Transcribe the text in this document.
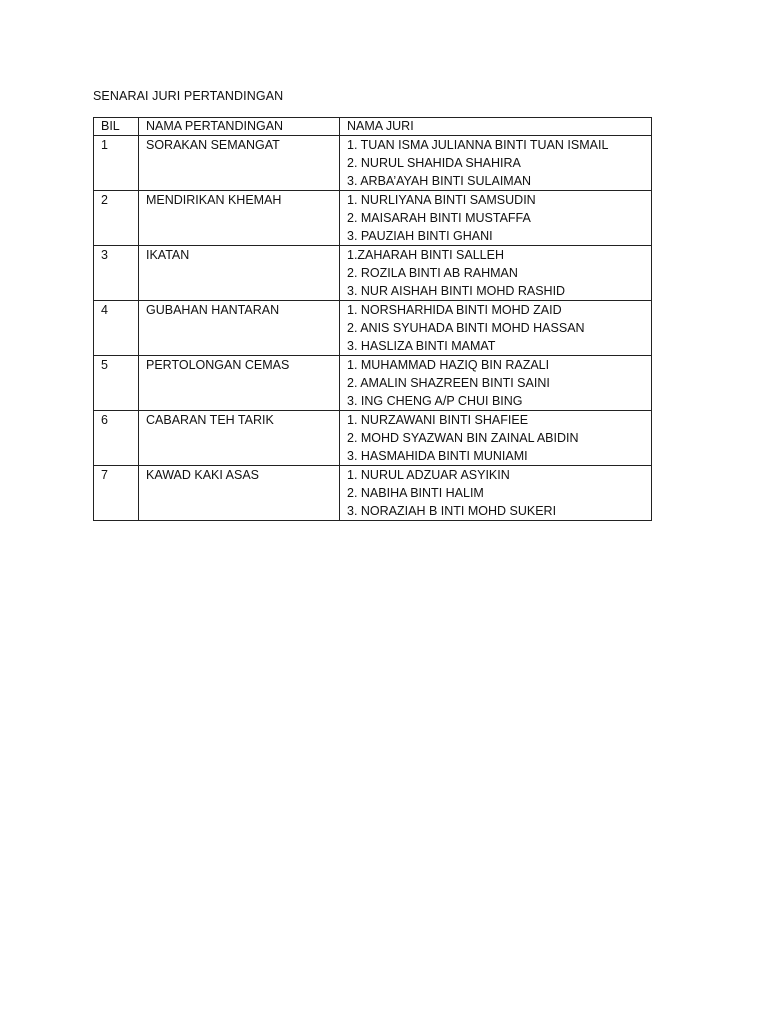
SENARAI JURI PERTANDINGAN
BIL	NAMA PERTANDINGAN	NAMA JURI
1	SORAKAN SEMANGAT	1. TUAN ISMA JULIANNA BINTI TUAN ISMAIL
2. NURUL SHAHIDA SHAHIRA
3. ARBA’AYAH BINTI SULAIMAN

2	MENDIRIKAN KHEMAH	1. NURLIYANA BINTI SAMSUDIN
2. MAISARAH BINTI MUSTAFFA
3. PAUZIAH BINTI GHANI

3	IKATAN	1.ZAHARAH BINTI SALLEH
2. ROZILA BINTI AB RAHMAN
3. NUR AISHAH BINTI MOHD RASHID

4	GUBAHAN HANTARAN	1. NORSHARHIDA BINTI MOHD ZAID
2. ANIS SYUHADA BINTI MOHD HASSAN
3. HASLIZA BINTI MAMAT

5	PERTOLONGAN CEMAS	1. MUHAMMAD HAZIQ BIN RAZALI
2. AMALIN SHAZREEN BINTI SAINI
3. ING CHENG A/P CHUI BING

6	CABARAN TEH TARIK	1. NURZAWANI BINTI SHAFIEE
2. MOHD SYAZWAN BIN ZAINAL ABIDIN
3. HASMAHIDA BINTI MUNIAMI

7	KAWAD KAKI ASAS	1. NURUL ADZUAR ASYIKIN
2. NABIHA BINTI HALIM
3. NORAZIAH B INTI MOHD SUKERI
